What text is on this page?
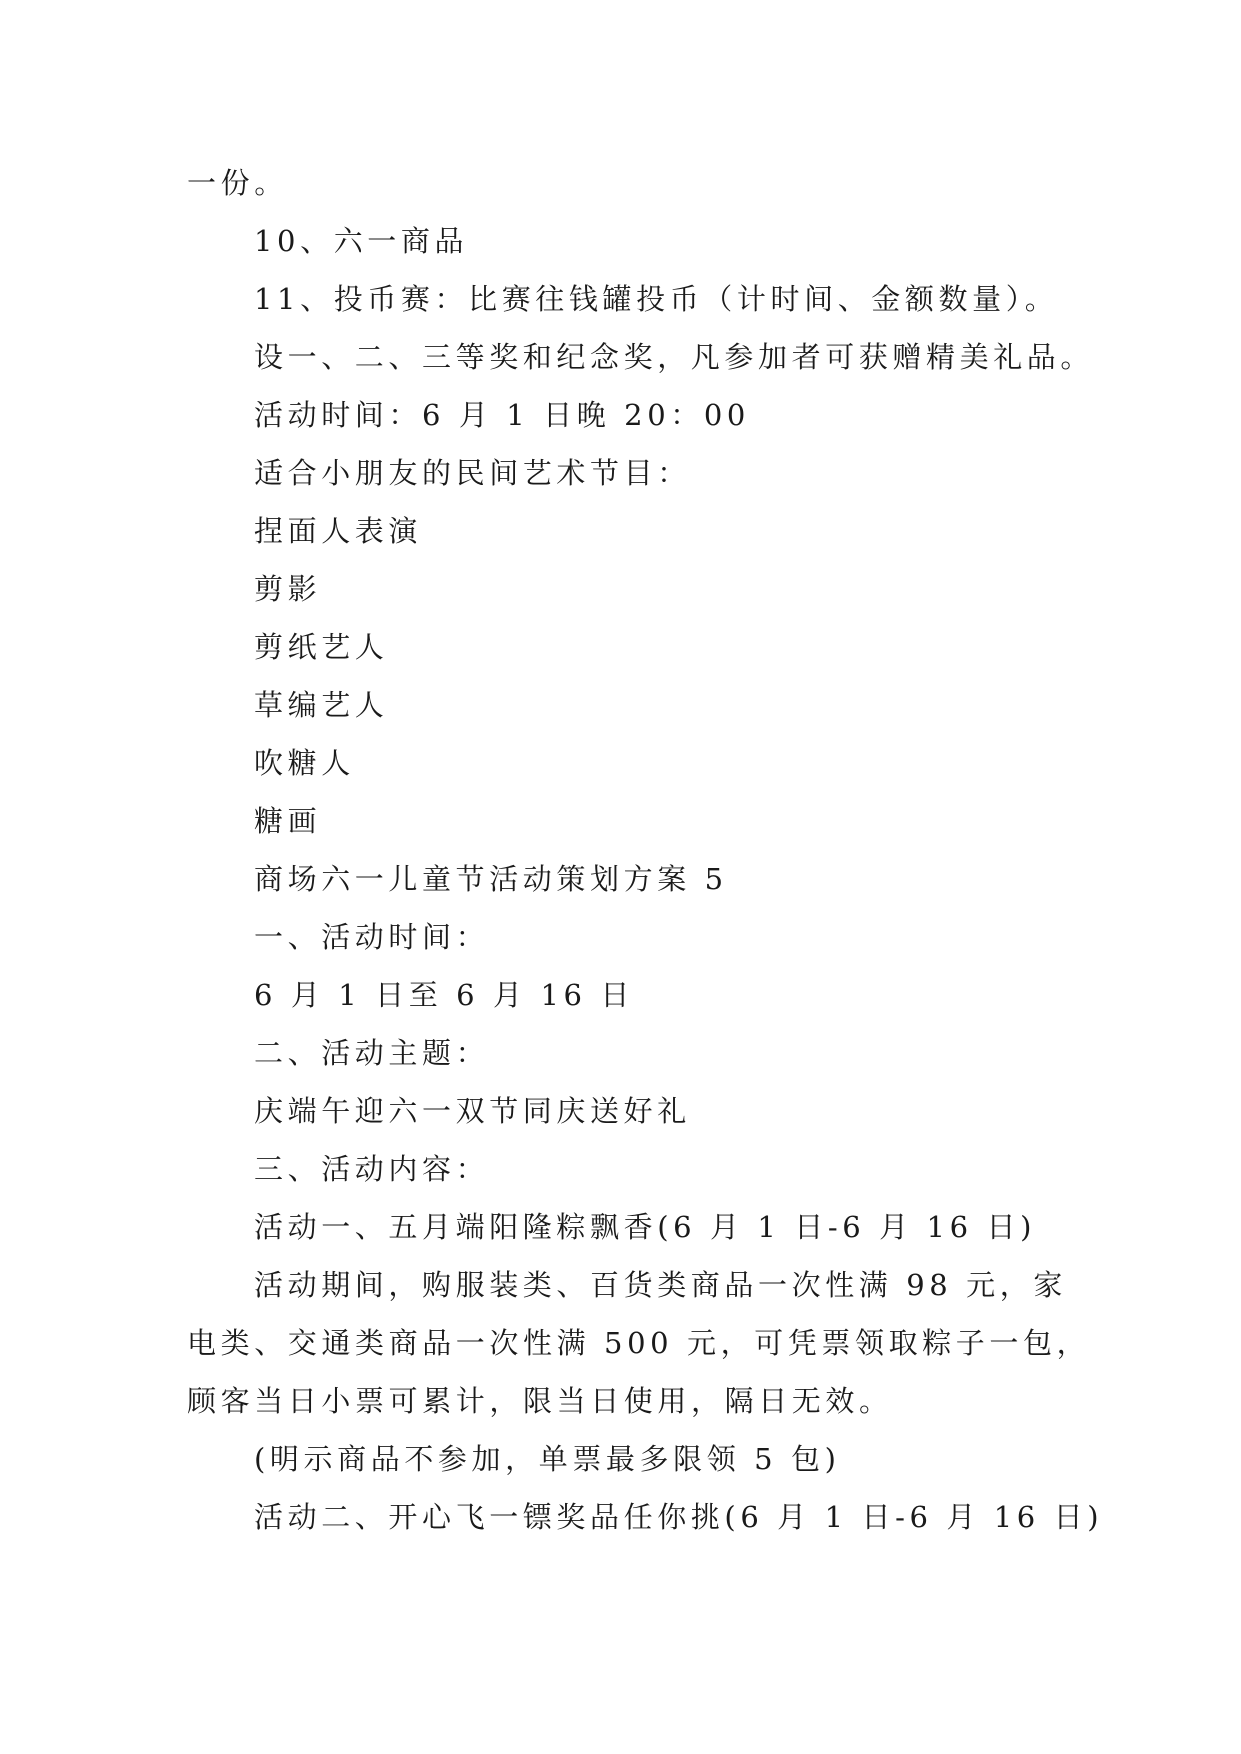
一份。

10、六一商品

11、投币赛：比赛往钱罐投币（计时间、金额数量）。

设一、二、三等奖和纪念奖，凡参加者可获赠精美礼品。

活动时间：6 月 1 日晚 20：00

适合小朋友的民间艺术节目：

捏面人表演

剪影

剪纸艺人

草编艺人

吹糖人

糖画

商场六一儿童节活动策划方案 5

一、活动时间：

6 月 1 日至 6 月 16 日

二、活动主题：

庆端午迎六一双节同庆送好礼

三、活动内容：

活动一、五月端阳隆粽飘香(6 月 1 日-6 月 16 日)

活动期间，购服装类、百货类商品一次性满 98 元，家

电类、交通类商品一次性满 500 元，可凭票领取粽子一包，

顾客当日小票可累计，限当日使用，隔日无效。

(明示商品不参加，单票最多限领 5 包)

活动二、开心飞一镖奖品任你挑(6 月 1 日-6 月 16 日)
